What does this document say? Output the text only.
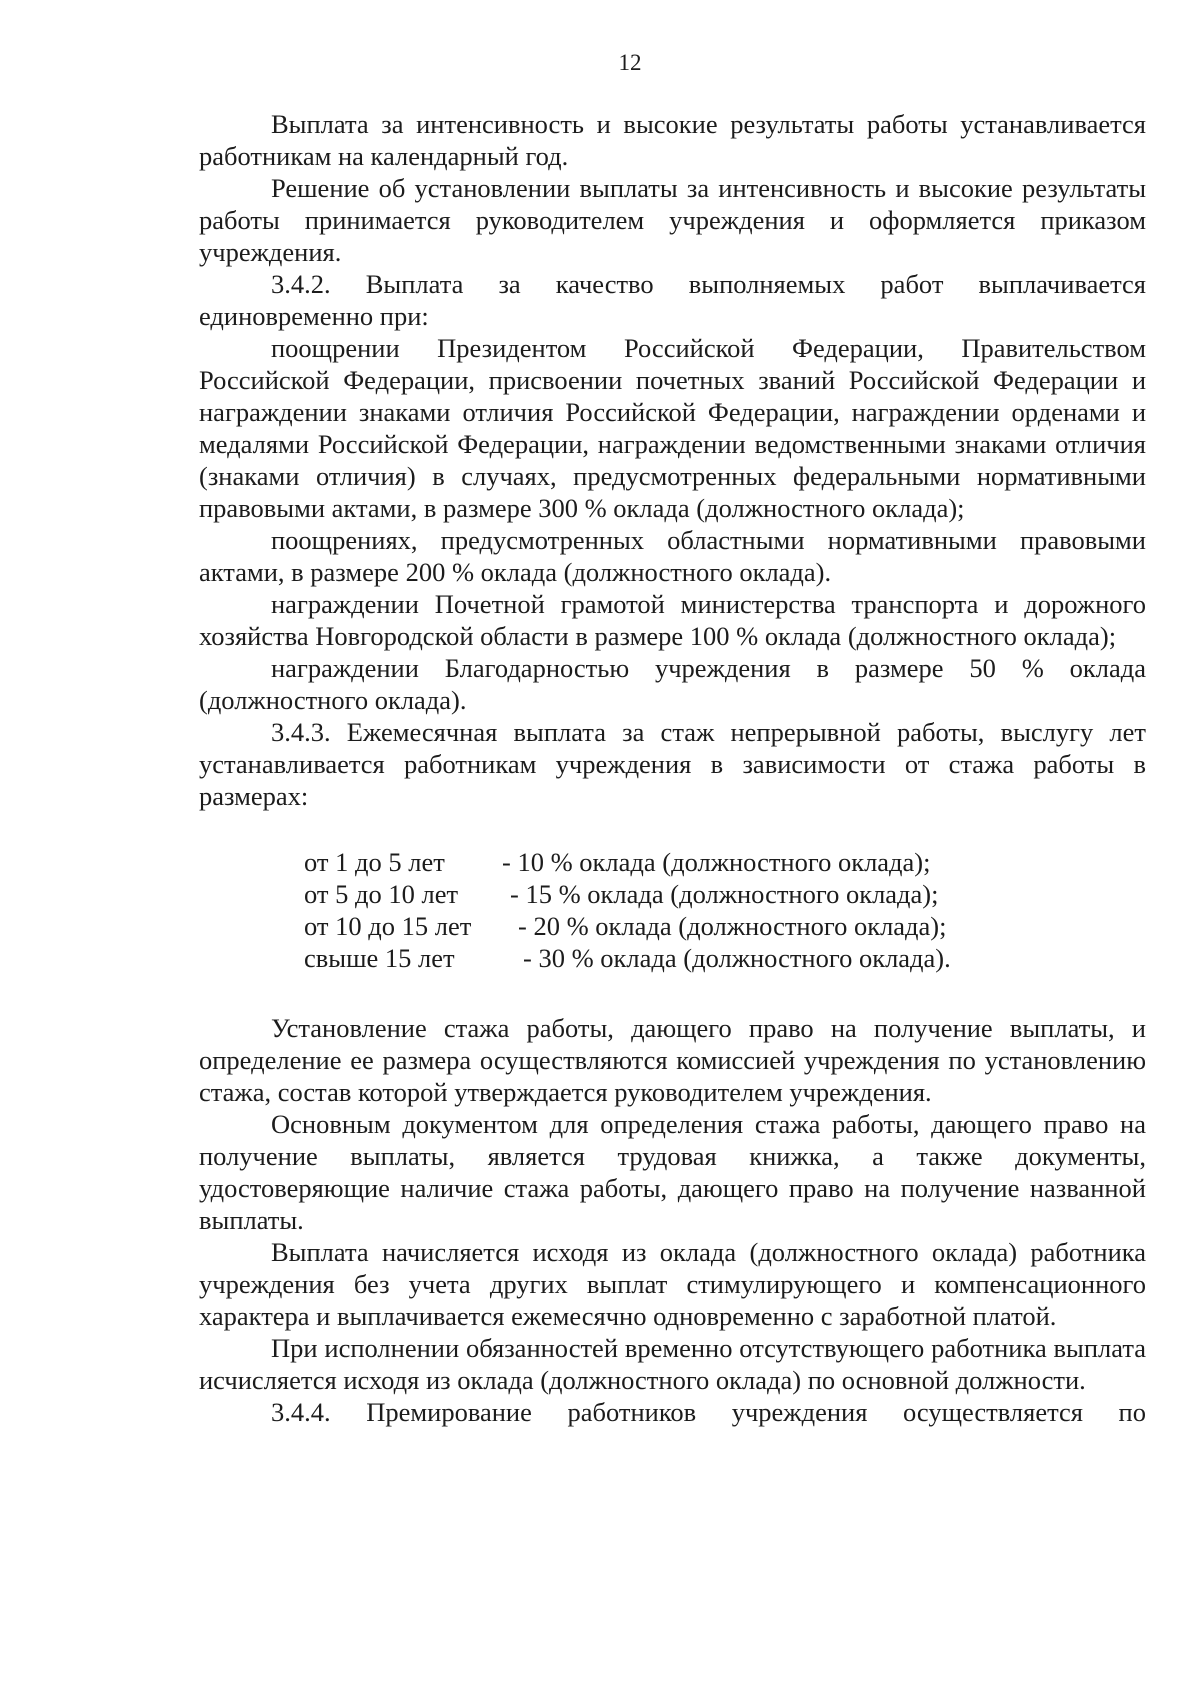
12

Выплата за интенсивность и высокие результаты работы устанавливается работникам на календарный год.

Решение об установлении выплаты за интенсивность и высокие результаты работы принимается руководителем учреждения и оформляется приказом учреждения.

3.4.2. Выплата за качество выполняемых работ выплачивается единовременно при:

поощрении Президентом Российской Федерации, Правительством Российской Федерации, присвоении почетных званий Российской Федерации и награждении знаками отличия Российской Федерации, награждении орденами и медалями Российской Федерации, награждении ведомственными знаками отличия (знаками отличия) в случаях, предусмотренных федеральными нормативными правовыми актами, в размере 300 % оклада (должностного оклада);

поощрениях, предусмотренных областными нормативными правовыми актами, в размере 200 % оклада (должностного оклада).

награждении Почетной грамотой министерства транспорта и дорожного хозяйства Новгородской области в размере 100 % оклада (должностного оклада);

награждении Благодарностью учреждения в размере 50 % оклада (должностного оклада).

3.4.3. Ежемесячная выплата за стаж непрерывной работы, выслугу лет устанавливается работникам учреждения в зависимости от стажа работы в размерах:

от 1 до 5 лет	- 10 % оклада (должностного оклада);
от 5 до 10 лет	- 15 % оклада (должностного оклада);
от 10 до 15 лет	- 20 % оклада (должностного оклада);
свыше 15 лет	- 30 % оклада (должностного оклада).

Установление стажа работы, дающего право на получение выплаты, и определение ее размера осуществляются комиссией учреждения по установлению стажа, состав которой утверждается руководителем учреждения.

Основным документом для определения стажа работы, дающего право на получение выплаты, является трудовая книжка, а также документы, удостоверяющие наличие стажа работы, дающего право на получение названной выплаты.

Выплата начисляется исходя из оклада (должностного оклада) работника учреждения без учета других выплат стимулирующего и компенсационного характера и выплачивается ежемесячно одновременно с заработной платой.

При исполнении обязанностей временно отсутствующего работника выплата исчисляется исходя из оклада (должностного оклада) по основной должности.

3.4.4. Премирование работников учреждения осуществляется по
